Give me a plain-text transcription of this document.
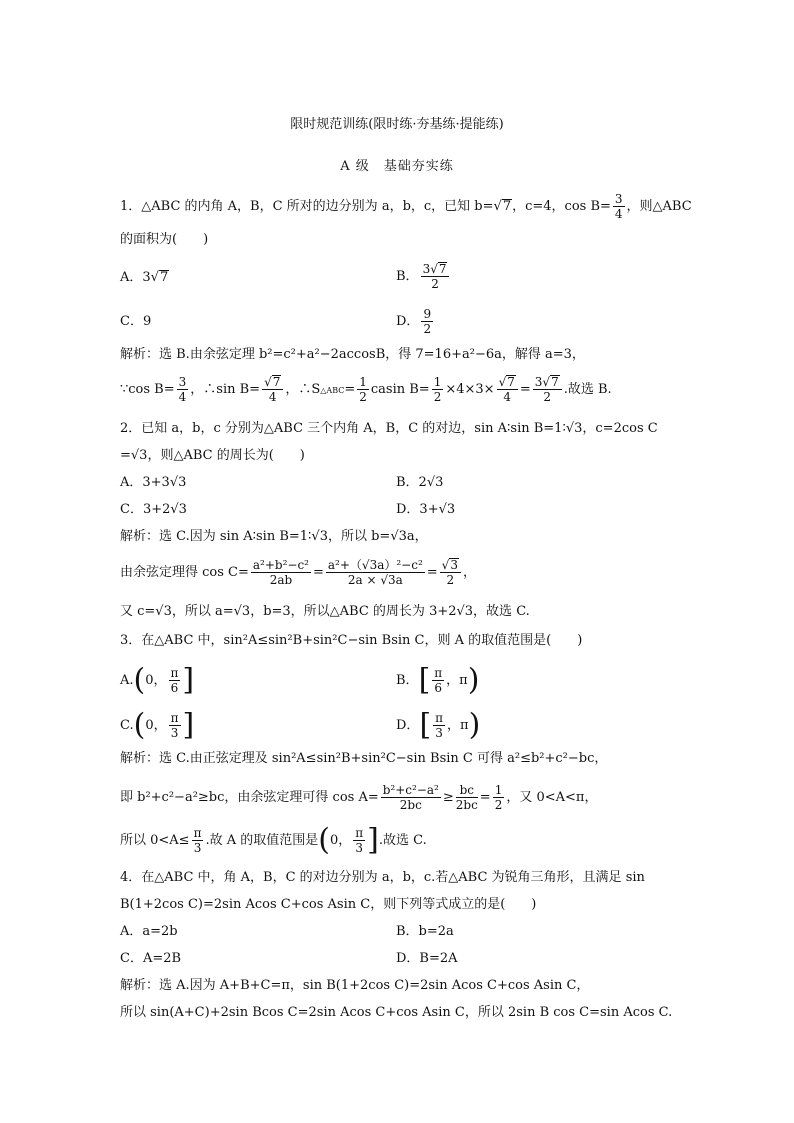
限时规范训练(限时练·夯基练·提能练)
A 级　基础夯实练
1．△ABC 的内角 A，B，C 所对的边分别为 a，b，c，已知 b=√7，c=4，$\cos B= \frac{3}{4}$ ，则△ABC
的面积为(　　)
A．3√7	B． $\frac{3√7}{2}$
C．9	D． $\frac{9}{2}$
解析：选 B.由余弦定理 b²=c²+a²−2accosB，得 7=16+a²−6a，解得 a=3，
∵cos $B= \frac{3}{4}$ ，∴sin $B= \frac{√7}{4}$ ，∴S△ABC= $\frac{1}{2}$ casin $B= \frac{1}{2} \times 4\times 3\times \frac{√7}{4} = \frac{3√7}{2}$ .故选 B.
2．已知 a，b，c 分别为△ABC 三个内角 A，B，C 的对边，sin A∶sin B=1∶√3，c=2cos C
=√3，则△ABC 的周长为(　　)
A．3+3√3	B．2√3
C．3+2√3	D．3+√3
解析：选 C.因为 sin A∶sin B=1∶√3，所以 b=√3a，
由余弦定理得 $\cos C= \frac{\text{a²+b²−c²}}{2ab} = \frac{\text{a²+（√3a）²−c²}}{2a \times √3a} = \frac{√3}{2}$ ，
又 c=√3，所以 a=√3，b=3，所以△ABC 的周长为 3+2√3，故选 C.
3．在△ABC 中，sin²A≤sin²B+sin²C−sin Bsin C，则 A 的取值范围是(　　)
A.(0， $\frac{\pi}{6}$ ]	B．[ $\frac{\pi}{6}$ ，π)
C.(0， $\frac{\pi}{3}$ ]	D．[ $\frac{\pi}{3}$ ，π)
解析：选 C.由正弦定理及 sin²A≤sin²B+sin²C−sin Bsin C 可得 a²≤b²+c²−bc，
即 b²+c²−a²≥bc，由余弦定理可得 $\cos A= \frac{\text{b²+c²−a²}}{2bc} \ge \frac{bc}{2bc} = \frac{1}{2}$ ，又 0<A<π，
所以 $0<A\le \frac{\pi}{3}$ .故 A 的取值范围是(0， $\frac{\pi}{3}$ ].故选 C.
4．在△ABC 中，角 A，B，C 的对边分别为 a，b，c.若△ABC 为锐角三角形，且满足 sin
B(1+2cos C)=2sin Acos C+cos Asin C，则下列等式成立的是(　　)
A．a=2b	B．b=2a
C．A=2B	D．B=2A
解析：选 A.因为 A+B+C=π，sin B(1+2cos C)=2sin Acos C+cos Asin C，
所以 sin(A+C)+2sin Bcos C=2sin Acos C+cos Asin C，所以 2sin B cos C=sin Acos C.
